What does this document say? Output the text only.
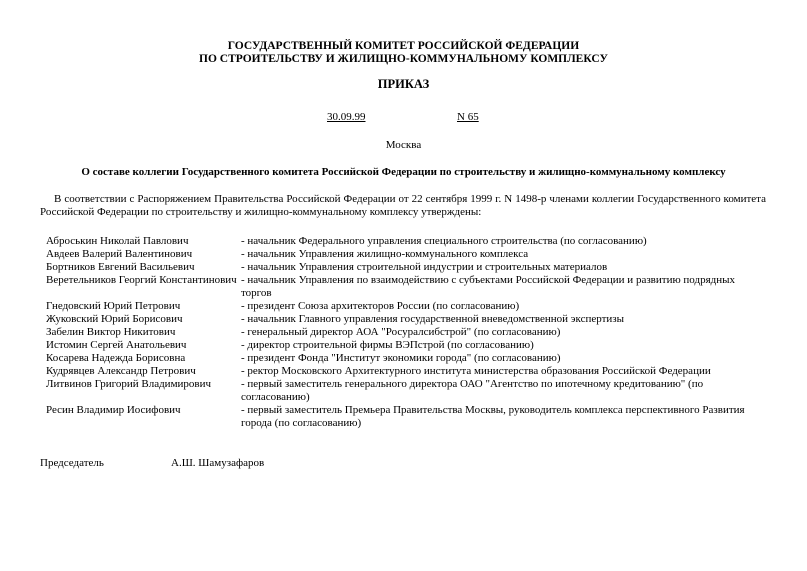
ГОСУДАРСТВЕННЫЙ КОМИТЕТ РОССИЙСКОЙ ФЕДЕРАЦИИ
ПО СТРОИТЕЛЬСТВУ И ЖИЛИЩНО-КОММУНАЛЬНОМУ КОМПЛЕКСУ
ПРИКАЗ
30.09.99	N 65
Москва
О составе коллегии Государственного комитета Российской Федерации по строительству и жилищно-коммунальному комплексу
В соответствии с Распоряжением Правительства Российской Федерации от 22 сентября 1999 г. N 1498-р членами коллегии Государственного комитета Российской Федерации по строительству и жилищно-коммунальному комплексу утверждены:
Аброськин Николай Павлович	- начальник Федерального управления специального строительства (по согласованию)
Авдеев Валерий Валентинович	- начальник Управления жилищно-коммунального комплекса
Бортников Евгений Васильевич	- начальник Управления строительной индустрии и строительных материалов
Веретельников Георгий Константинович - начальник Управления по взаимодействию с субъектами Российской Федерации и развитию подрядных торгов
Гнедовский Юрий Петрович	- президент Союза архитекторов России (по согласованию)
Жуковский Юрий Борисович	- начальник Главного управления государственной вневедомственной экспертизы
Забелин Виктор Никитович	- генеральный директор АОА "Росуралсибстрой" (по согласованию)
Истомин Сергей Анатольевич	- директор строительной фирмы ВЭПстрой (по согласованию)
Косарева Надежда Борисовна	- президент Фонда "Институт экономики города" (по согласованию)
Кудрявцев Александр Петрович	- ректор Московского Архитектурного института министерства образования Российской Федерации
Литвинов Григорий Владимирович	- первый заместитель генерального директора ОАО "Агентство по ипотечному кредитованию" (по согласованию)
Ресин Владимир Иосифович	- первый заместитель Премьера Правительства Москвы, руководитель комплекса перспективного Развития города (по согласованию)
Председатель	А.Ш. Шамузафаров
